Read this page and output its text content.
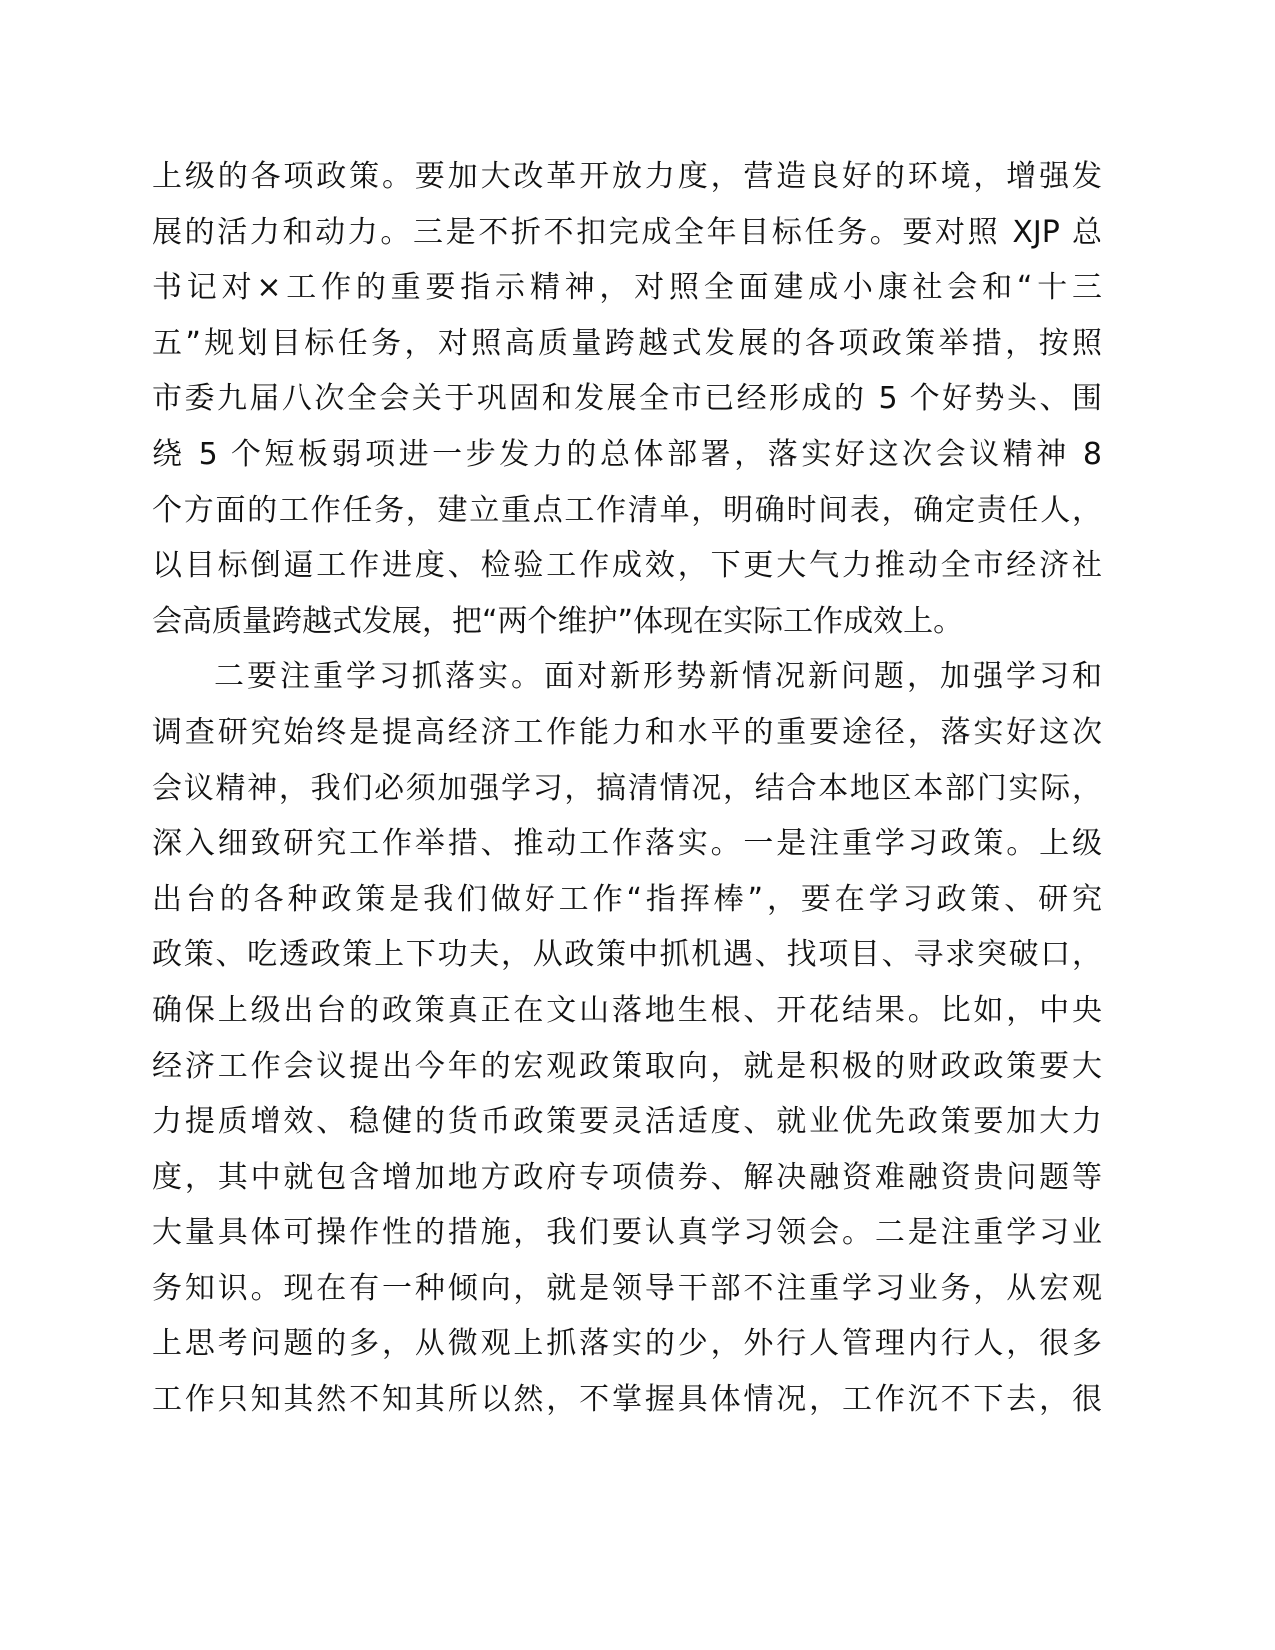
上级的各项政策。要加大改革开放力度，营造良好的环境，增强发
展的活力和动力。三是不折不扣完成全年目标任务。要对照 XJP 总
书记对×工作的重要指示精神，对照全面建成小康社会和“十三
五”规划目标任务，对照高质量跨越式发展的各项政策举措，按照
市委九届八次全会关于巩固和发展全市已经形成的 5 个好势头、围
绕 5 个短板弱项进一步发力的总体部署，落实好这次会议精神 8
个方面的工作任务，建立重点工作清单，明确时间表，确定责任人，
以目标倒逼工作进度、检验工作成效，下更大气力推动全市经济社
会高质量跨越式发展，把“两个维护”体现在实际工作成效上。
二要注重学习抓落实。面对新形势新情况新问题，加强学习和
调查研究始终是提高经济工作能力和水平的重要途径，落实好这次
会议精神，我们必须加强学习，搞清情况，结合本地区本部门实际，
深入细致研究工作举措、推动工作落实。一是注重学习政策。上级
出台的各种政策是我们做好工作“指挥棒”，要在学习政策、研究
政策、吃透政策上下功夫，从政策中抓机遇、找项目、寻求突破口，
确保上级出台的政策真正在文山落地生根、开花结果。比如，中央
经济工作会议提出今年的宏观政策取向，就是积极的财政政策要大
力提质增效、稳健的货币政策要灵活适度、就业优先政策要加大力
度，其中就包含增加地方政府专项债券、解决融资难融资贵问题等
大量具体可操作性的措施，我们要认真学习领会。二是注重学习业
务知识。现在有一种倾向，就是领导干部不注重学习业务，从宏观
上思考问题的多，从微观上抓落实的少，外行人管理内行人，很多
工作只知其然不知其所以然，不掌握具体情况，工作沉不下去，很
